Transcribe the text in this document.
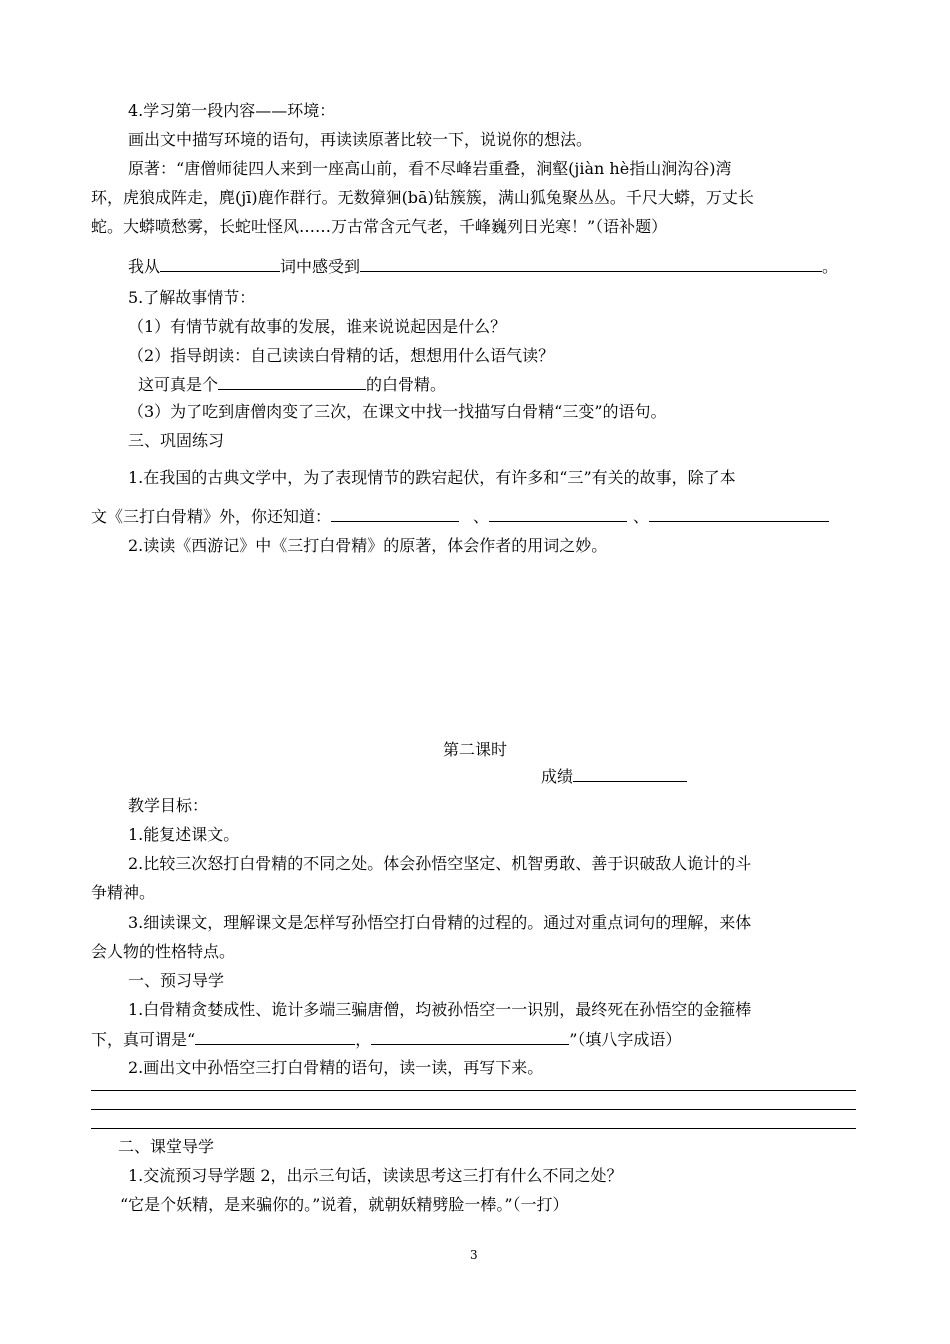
4.学习第一段内容——环境：
画出文中描写环境的语句，再读读原著比较一下，说说你的想法。
原著：“唐僧师徒四人来到一座高山前，看不尽峰岩重叠，涧壑(jiàn hè指山涧沟谷)湾
环，虎狼成阵走，麂(jī)鹿作群行。无数獐𤞑(bā)钻簇簇，满山狐兔聚丛丛。千尺大蟒，万丈长
蛇。大蟒喷愁雾，长蛇吐怪风……万古常含元气老，千峰巍列日光寒！”（语补题）
我从	词中感受到	。
5.了解故事情节：
（1）有情节就有故事的发展，谁来说说起因是什么？
（2）指导朗读：自己读读白骨精的话，想想用什么语气读？
这可真是个	的白骨精。
（3）为了吃到唐僧肉变了三次，在课文中找一找描写白骨精“三变”的语句。
三、巩固练习
1.在我国的古典文学中，为了表现情节的跌宕起伏，有许多和“三”有关的故事，除了本
文《三打白骨精》外，你还知道：	、	、
2.读读《西游记》中《三打白骨精》的原著，体会作者的用词之妙。
第二课时
成绩
教学目标：
1.能复述课文。
2.比较三次怒打白骨精的不同之处。体会孙悟空坚定、机智勇敢、善于识破敌人诡计的斗
争精神。
3.细读课文，理解课文是怎样写孙悟空打白骨精的过程的。通过对重点词句的理解，来体
会人物的性格特点。
一、预习导学
1.白骨精贪婪成性、诡计多端三骗唐僧，均被孙悟空一一识别，最终死在孙悟空的金箍棒
下，真可谓是“	，	”（填八字成语）
2.画出文中孙悟空三打白骨精的语句，读一读，再写下来。
二、课堂导学
1.交流预习导学题 2，出示三句话，读读思考这三打有什么不同之处？
“它是个妖精，是来骗你的。”说着，就朝妖精劈脸一棒。”（一打）
3
